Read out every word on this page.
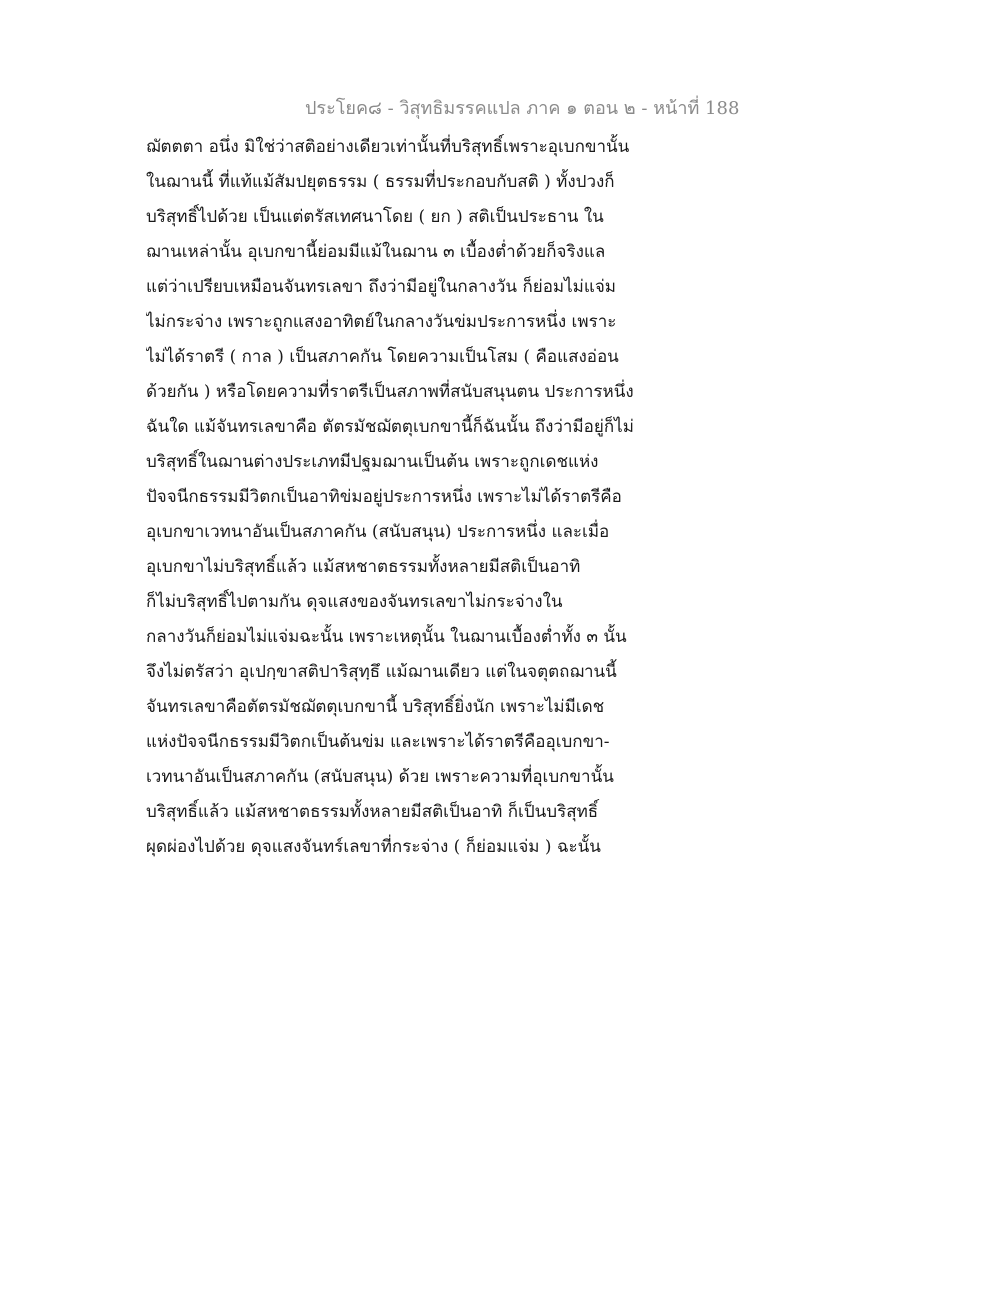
ประโยค๘ - วิสุทธิมรรคแปล ภาค ๑ ตอน ๒ - หน้าที่ 188
ฌัตตตา อนึ่ง มิใช่ว่าสติอย่างเดียวเท่านั้นที่บริสุทธิ์เพราะอุเบกขานั้น
ในฌานนี้ ที่แท้แม้สัมปยุตธรรม ( ธรรมที่ประกอบกับสติ ) ทั้งปวงก็
บริสุทธิ์ไปด้วย เป็นแต่ตรัสเทศนาโดย ( ยก ) สติเป็นประธาน ใน
ฌานเหล่านั้น อุเบกขานี้ย่อมมีแม้ในฌาน ๓ เบื้องต่ำด้วยก็จริงแล
แต่ว่าเปรียบเหมือนจันทรเลขา ถึงว่ามีอยู่ในกลางวัน ก็ย่อมไม่แจ่ม
ไม่กระจ่าง เพราะถูกแสงอาทิตย์ในกลางวันข่มประการหนึ่ง เพราะ
ไม่ได้ราตรี ( กาล ) เป็นสภาคกัน โดยความเป็นโสม ( คือแสงอ่อน
ด้วยกัน ) หรือโดยความที่ราตรีเป็นสภาพที่สนับสนุนตน ประการหนึ่ง
ฉันใด แม้จันทรเลขาคือ ตัตรมัชฌัตตุเบกขานี้ก็ฉันนั้น ถึงว่ามีอยู่ก็ไม่
บริสุทธิ์ในฌานต่างประเภทมีปฐมฌานเป็นต้น เพราะถูกเดชแห่ง
ปัจจนีกธรรมมีวิตกเป็นอาทิข่มอยู่ประการหนึ่ง เพราะไม่ได้ราตรีคือ
อุเบกขาเวทนาอันเป็นสภาคกัน (สนับสนุน) ประการหนึ่ง และเมื่อ
อุเบกขาไม่บริสุทธิ์แล้ว แม้สหชาตธรรมทั้งหลายมีสติเป็นอาทิ
ก็ไม่บริสุทธิ์ไปตามกัน ดุจแสงของจันทรเลขาไม่กระจ่างใน
กลางวันก็ย่อมไม่แจ่มฉะนั้น เพราะเหตุนั้น ในฌานเบื้องต่ำทั้ง ๓ นั้น
จึงไม่ตรัสว่า อุเปกฺขาสติปาริสุทฺธึ แม้ฌานเดียว แต่ในจตุตถฌานนี้
จันทรเลขาคือตัตรมัชฌัตตุเบกขานี้ บริสุทธิ์ยิ่งนัก เพราะไม่มีเดช
แห่งปัจจนีกธรรมมีวิตกเป็นต้นข่ม และเพราะได้ราตรีคืออุเบกขา-
เวทนาอันเป็นสภาคกัน (สนับสนุน) ด้วย เพราะความที่อุเบกขานั้น
บริสุทธิ์แล้ว แม้สหชาตธรรมทั้งหลายมีสติเป็นอาทิ ก็เป็นบริสุทธิ์
ผุดผ่องไปด้วย ดุจแสงจันทร์เลขาที่กระจ่าง ( ก็ย่อมแจ่ม ) ฉะนั้น
